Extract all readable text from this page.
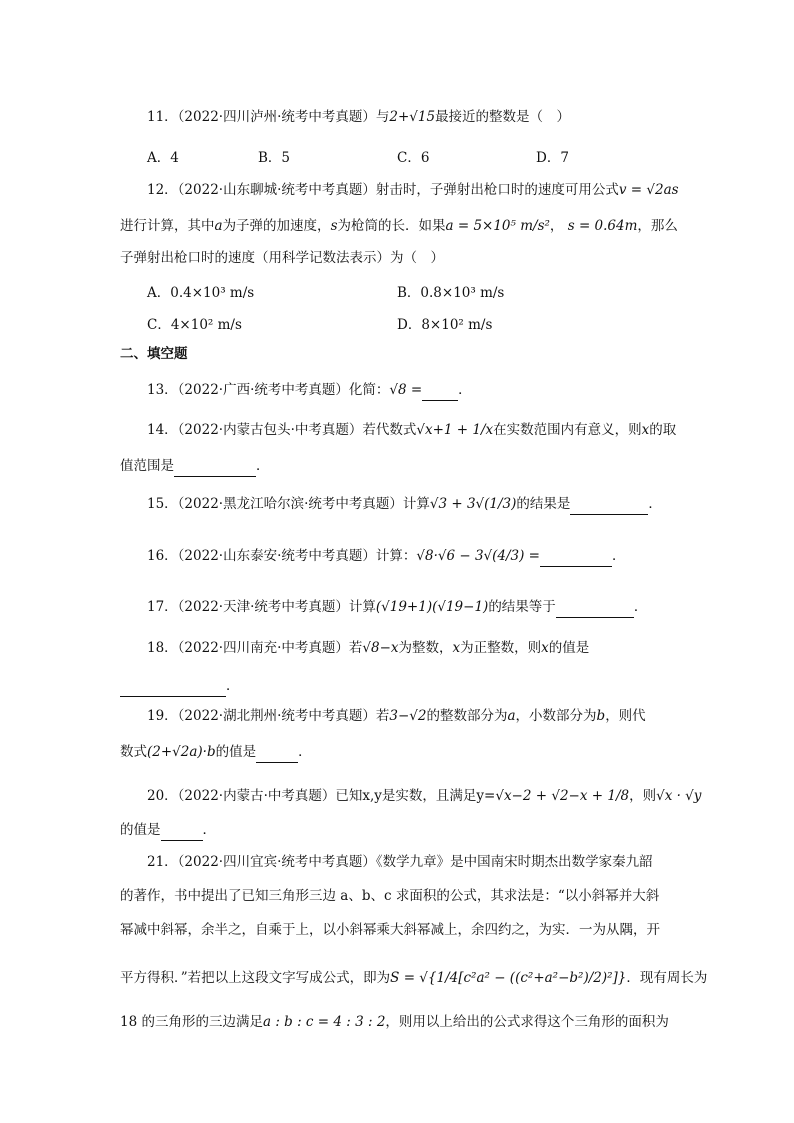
11．（2022·四川泸州·统考中考真题）与2+√15最接近的整数是（　）
A．4	B．5	C．6	D．7
12．（2022·山东聊城·统考中考真题）射击时，子弹射出枪口时的速度可用公式v = √2as
进行计算，其中a为子弹的加速度，s为枪筒的长．如果a = 5×10⁵ m/s²， s = 0.64m，那么
子弹射出枪口时的速度（用科学记数法表示）为（　）
A．0.4×10³ m/s	B．0.8×10³ m/s
C．4×10² m/s	D．8×10² m/s
二、填空题
13．（2022·广西·统考中考真题）化简：√8 =	．
14．（2022·内蒙古包头·中考真题）若代数式√x+1 + 1/x在实数范围内有意义，则x的取
值范围是	．
15．（2022·黑龙江哈尔滨·统考中考真题）计算√3 + 3√(1/3)的结果是	．
16．（2022·山东泰安·统考中考真题）计算：√8·√6 − 3√(4/3) =	．
17．（2022·天津·统考中考真题）计算(√19+1)(√19−1)的结果等于	．
18．（2022·四川南充·中考真题）若√8−x为整数，x为正整数，则x的值是
．
19．（2022·湖北荆州·统考中考真题）若3−√2的整数部分为a，小数部分为b，则代
数式(2+√2a)·b的值是	．
20．（2022·内蒙古·中考真题）已知x,y是实数，且满足y=√x−2 + √2−x + 1/8，则√x · √y
的值是	．
21．（2022·四川宜宾·统考中考真题）《数学九章》是中国南宋时期杰出数学家秦九韶
的著作，书中提出了已知三角形三边 a、b、c 求面积的公式，其求法是：“以小斜幂并大斜
幂减中斜幂，余半之，自乘于上，以小斜幂乘大斜幂减上，余四约之，为实．一为从隅，开
平方得积．”若把以上这段文字写成公式，即为S = √{1/4[c²a² − ((c²+a²−b²)/2)²]}．现有周长为
18 的三角形的三边满足a : b : c = 4 : 3 : 2，则用以上给出的公式求得这个三角形的面积为
